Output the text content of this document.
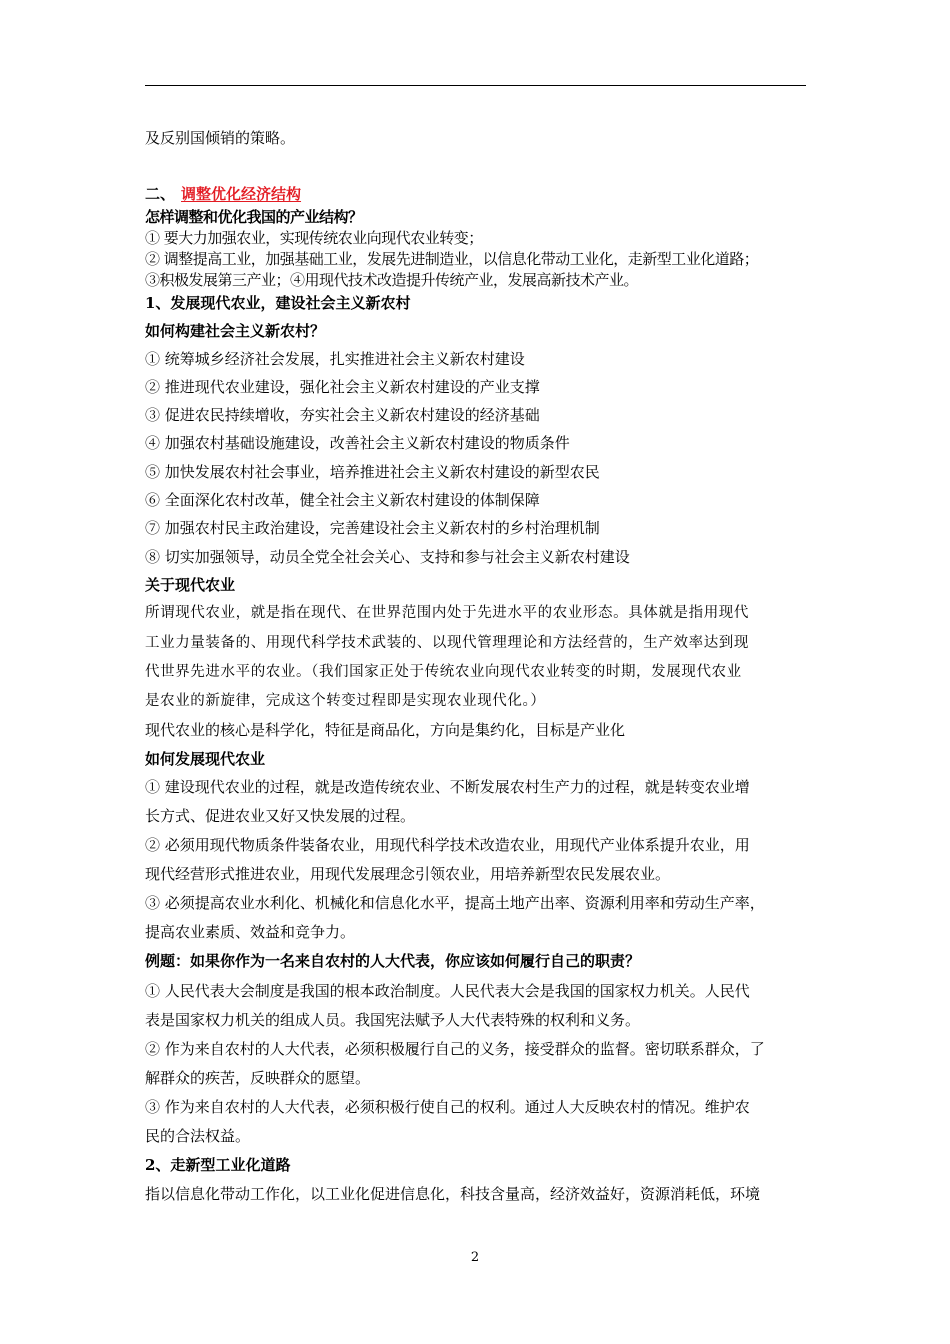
及反别国倾销的策略。
二、 调整优化经济结构
怎样调整和优化我国的产业结构？
① 要大力加强农业，实现传统农业向现代农业转变；
② 调整提高工业，加强基础工业，发展先进制造业，以信息化带动工业化，走新型工业化道路；
③积极发展第三产业；④用现代技术改造提升传统产业，发展高新技术产业。
1、发展现代农业，建设社会主义新农村
如何构建社会主义新农村？
① 统筹城乡经济社会发展，扎实推进社会主义新农村建设
② 推进现代农业建设，强化社会主义新农村建设的产业支撑
③ 促进农民持续增收，夯实社会主义新农村建设的经济基础
④ 加强农村基础设施建设，改善社会主义新农村建设的物质条件
⑤ 加快发展农村社会事业，培养推进社会主义新农村建设的新型农民
⑥ 全面深化农村改革，健全社会主义新农村建设的体制保障
⑦ 加强农村民主政治建设，完善建设社会主义新农村的乡村治理机制
⑧ 切实加强领导，动员全党全社会关心、支持和参与社会主义新农村建设
关于现代农业
所谓现代农业，就是指在现代、在世界范围内处于先进水平的农业形态。具体就是指用现代
工业力量装备的、用现代科学技术武装的、以现代管理理论和方法经营的，生产效率达到现
代世界先进水平的农业。（我们国家正处于传统农业向现代农业转变的时期，发展现代农业
是农业的新旋律，完成这个转变过程即是实现农业现代化。）
现代农业的核心是科学化，特征是商品化，方向是集约化，目标是产业化
如何发展现代农业
① 建设现代农业的过程，就是改造传统农业、不断发展农村生产力的过程，就是转变农业增
长方式、促进农业又好又快发展的过程。
② 必须用现代物质条件装备农业，用现代科学技术改造农业，用现代产业体系提升农业，用
现代经营形式推进农业，用现代发展理念引领农业，用培养新型农民发展农业。
③ 必须提高农业水利化、机械化和信息化水平，提高土地产出率、资源利用率和劳动生产率，
提高农业素质、效益和竞争力。
例题：如果你作为一名来自农村的人大代表，你应该如何履行自己的职责？
① 人民代表大会制度是我国的根本政治制度。人民代表大会是我国的国家权力机关。人民代
表是国家权力机关的组成人员。我国宪法赋予人大代表特殊的权利和义务。
② 作为来自农村的人大代表，必须积极履行自己的义务，接受群众的监督。密切联系群众，了
解群众的疾苦，反映群众的愿望。
③ 作为来自农村的人大代表，必须积极行使自己的权利。通过人大反映农村的情况。维护农
民的合法权益。
2、走新型工业化道路
指以信息化带动工作化，以工业化促进信息化，科技含量高，经济效益好，资源消耗低，环境
2
